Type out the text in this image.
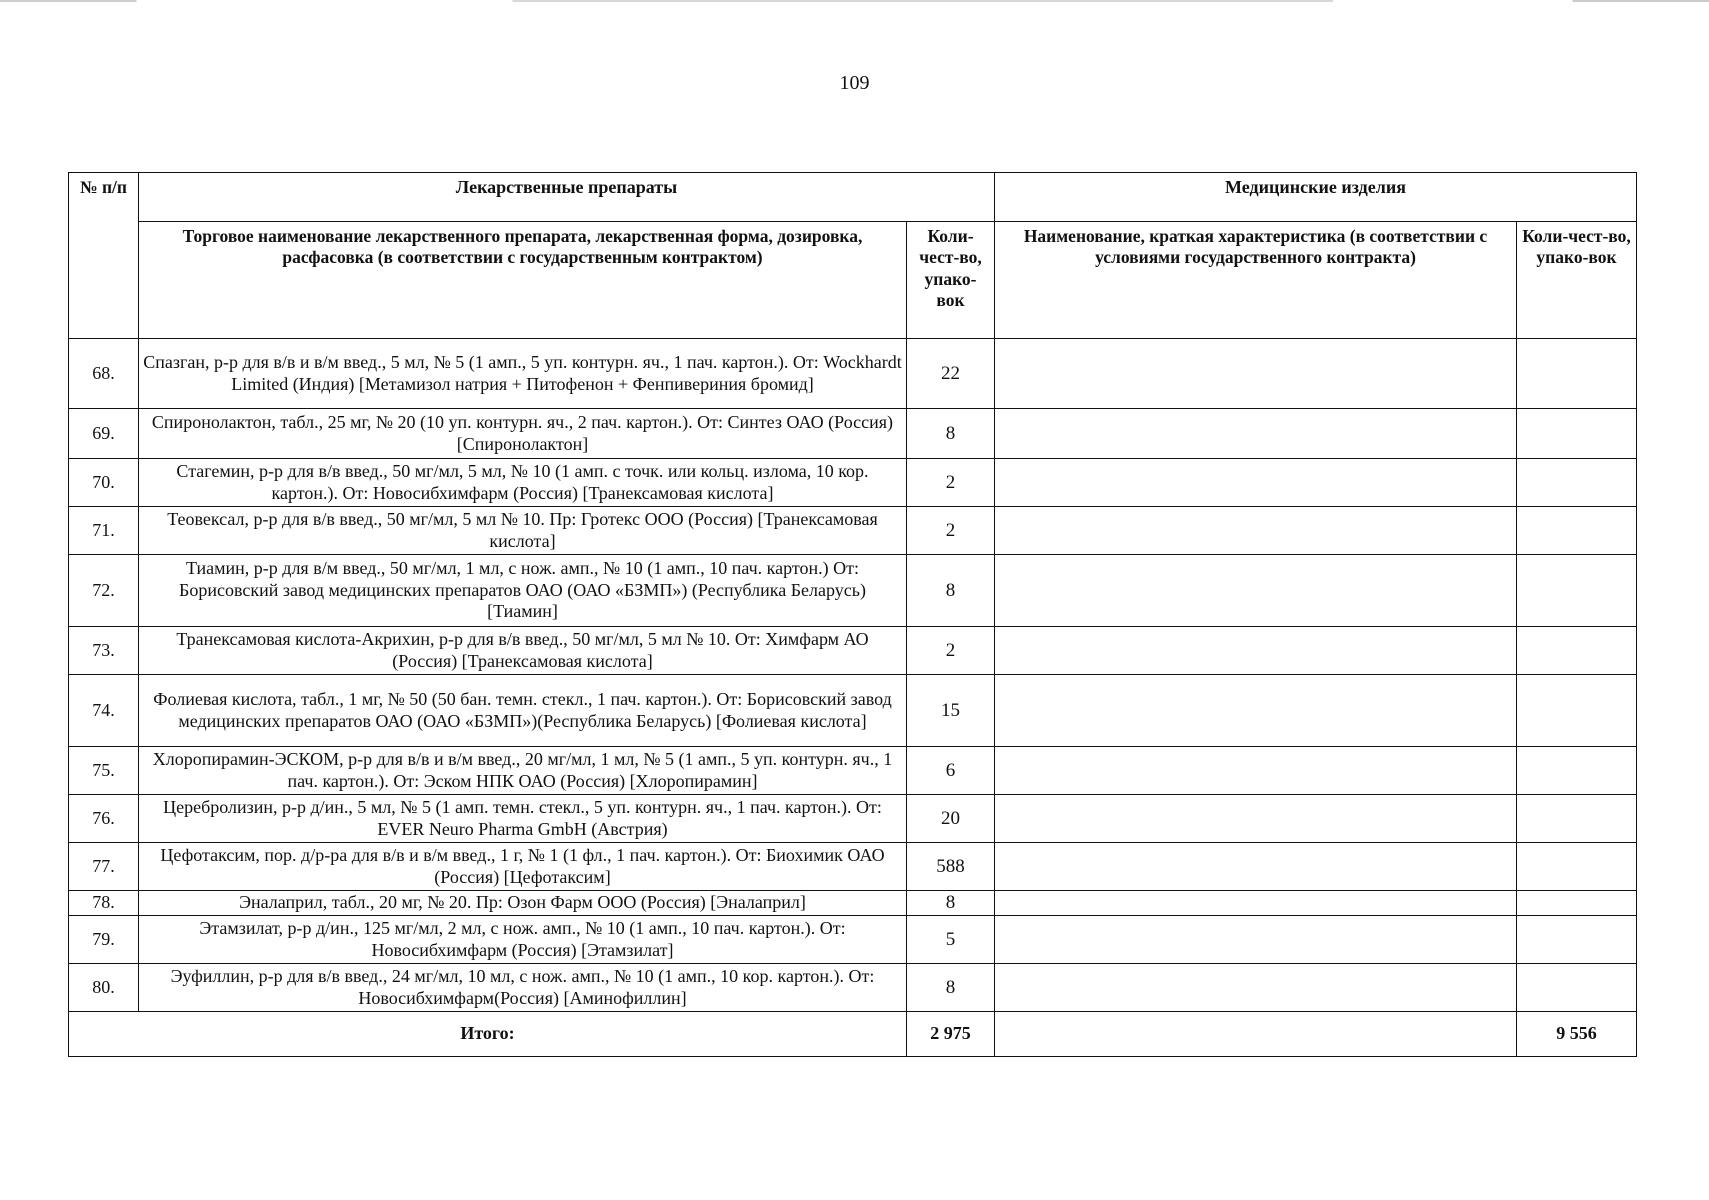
109
№ п/п	Лекарственные препараты		Медицинские изделия	
	Торговое наименование лекарственного препарата, лекарственная форма, дозировка, расфасовка (в соответствии с государственным контрактом)	Коли-чест-во, упако-вок	Наименование, краткая характеристика (в соответствии с условиями государственного контракта)	Коли-чест-во, упако-вок
68.	Спазган, р-р для в/в и в/м введ., 5 мл, № 5 (1 амп., 5 уп. контурн. яч., 1 пач. картон.). От: Wockhardt Limited (Индия) [Метамизол натрия + Питофенон + Фенпивериния бромид]	22		
69.	Спиронолактон, табл., 25 мг, № 20 (10 уп. контурн. яч., 2 пач. картон.). От: Синтез ОАО (Россия) [Спиронолактон]	8		
70.	Стагемин, р-р для в/в введ., 50 мг/мл, 5 мл, № 10 (1 амп. с точк. или кольц. излома, 10 кор. картон.). От: Новосибхимфарм (Россия) [Транексамовая кислота]	2		
71.	Теовексал, р-р для в/в введ., 50 мг/мл, 5 мл № 10. Пр: Гротекс ООО (Россия) [Транексамовая кислота]	2		
72.	Тиамин, р-р для в/м введ., 50 мг/мл, 1 мл, с нож. амп., № 10 (1 амп., 10 пач. картон.) От: Борисовский завод медицинских препаратов ОАО (ОАО «БЗМП») (Республика Беларусь) [Тиамин]	8		
73.	Транексамовая кислота-Акрихин, р-р для в/в введ., 50 мг/мл, 5 мл № 10. От: Химфарм АО (Россия) [Транексамовая кислота]	2		
74.	Фолиевая кислота, табл., 1 мг, № 50 (50 бан. темн. стекл., 1 пач. картон.). От: Борисовский завод медицинских препаратов ОАО (ОАО «БЗМП»)(Республика Беларусь) [Фолиевая кислота]	15		
75.	Хлоропирамин-ЭСКОМ, р-р для в/в и в/м введ., 20 мг/мл, 1 мл, № 5 (1 амп., 5 уп. контурн. яч., 1 пач. картон.). От: Эском НПК ОАО (Россия) [Хлоропирамин]	6		
76.	Церебролизин, р-р д/ин., 5 мл, № 5 (1 амп. темн. стекл., 5 уп. контурн. яч., 1 пач. картон.). От: EVER Neuro Pharma GmbH (Австрия)	20		
77.	Цефотаксим, пор. д/р-ра для в/в и в/м введ., 1 г, № 1 (1 фл., 1 пач. картон.). От: Биохимик ОАО (Россия) [Цефотаксим]	588		
78.	Эналаприл, табл., 20 мг, № 20. Пр: Озон Фарм ООО (Россия) [Эналаприл]	8		
79.	Этамзилат, р-р д/ин., 125 мг/мл, 2 мл, с нож. амп., № 10 (1 амп., 10 пач. картон.). От: Новосибхимфарм (Россия) [Этамзилат]	5		
80.	Эуфиллин, р-р для в/в введ., 24 мг/мл, 10 мл, с нож. амп., № 10 (1 амп., 10 кор. картон.). От: Новосибхимфарм(Россия) [Аминофиллин]	8		
Итого:		2 975		9 556
